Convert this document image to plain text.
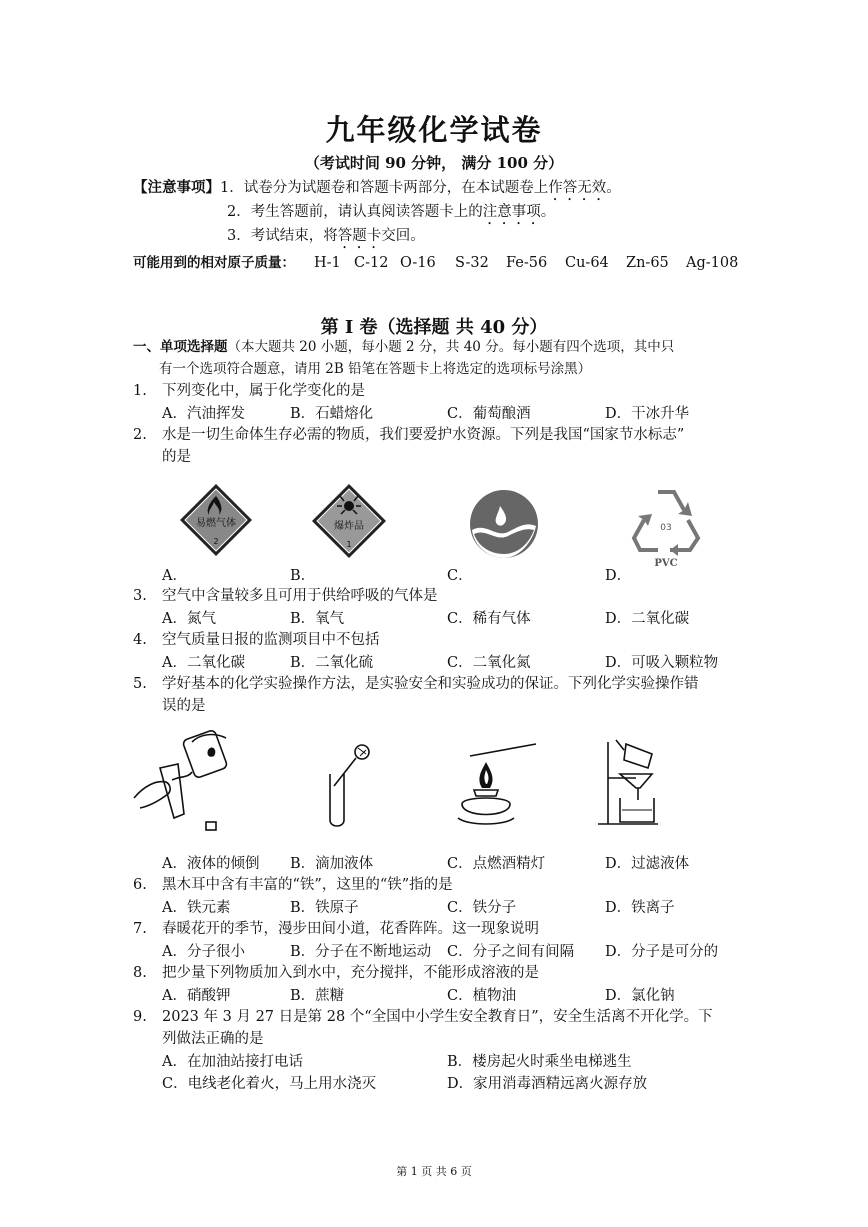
九年级化学试卷
（考试时间 90 分钟， 满分 100 分）
【注意事项】1．试卷分为试题卷和答题卡两部分，在本试题卷上作答无效。
2．考生答题前，请认真阅读答题卡上的注意事项。
3．考试结束，将答题卡交回。
可能用到的相对原子质量： H-1 C-12 O-16 S-32 Fe-56 Cu-64 Zn-65 Ag-108
第 I 卷（选择题 共 40 分）
一、单项选择题（本大题共 20 小题，每小题 2 分，共 40 分。每小题有四个选项，其中只
有一个选项符合题意，请用 2B 铅笔在答题卡上将选定的选项标号涂黑）
1. 下列变化中，属于化学变化的是
A．汽油挥发	B．石蜡熔化	C．葡萄酿酒	D．干冰升华
2. 水是一切生命体生存必需的物质，我们要爱护水资源。下列是我国“国家节水标志”
的是
易燃气体
2
爆炸品
1
03
PVC
A．	B．	C．	D．
3. 空气中含量较多且可用于供给呼吸的气体是
A．氮气	B．氧气	C．稀有气体	D．二氧化碳
4. 空气质量日报的监测项目中不包括
A．二氧化碳	B．二氧化硫	C．二氧化氮	D．可吸入颗粒物
5. 学好基本的化学实验操作方法，是实验安全和实验成功的保证。下列化学实验操作错
误的是
A．液体的倾倒 B．滴加液体	C．点燃酒精灯	D．过滤液体
6. 黑木耳中含有丰富的“铁”，这里的“铁”指的是
A．铁元素	B．铁原子	C．铁分子	D．铁离子
7. 春暖花开的季节，漫步田间小道，花香阵阵。这一现象说明
A．分子很小	B．分子在不断地运动 C．分子之间有间隔 D．分子是可分的
8. 把少量下列物质加入到水中，充分搅拌，不能形成溶液的是
A．硝酸钾	B．蔗糖	C．植物油	D．氯化钠
9. 2023 年 3 月 27 日是第 28 个“全国中小学生安全教育日”，安全生活离不开化学。下
列做法正确的是
A．在加油站接打电话	B．楼房起火时乘坐电梯逃生
C．电线老化着火，马上用水浇灭	D．家用消毒酒精远离火源存放
第 1 页 共 6 页
